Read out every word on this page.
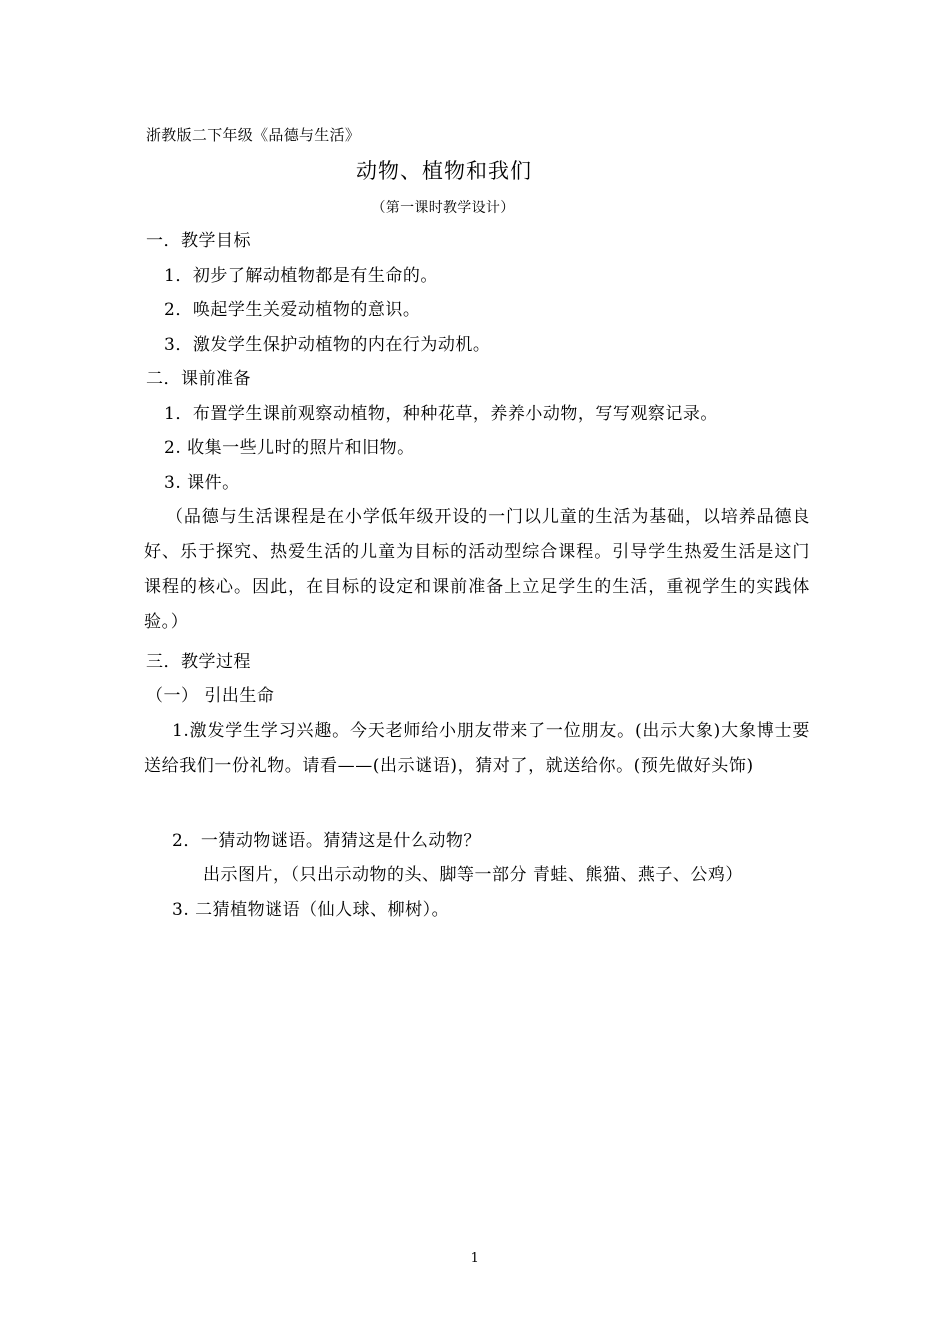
浙教版二下年级《品德与生活》
动物、植物和我们
（第一课时教学设计）
一．教学目标
1．初步了解动植物都是有生命的。
2．唤起学生关爱动植物的意识。
3．激发学生保护动植物的内在行为动机。
二．课前准备
1．布置学生课前观察动植物，种种花草，养养小动物，写写观察记录。
2. 收集一些儿时的照片和旧物。
3. 课件。
（品德与生活课程是在小学低年级开设的一门以儿童的生活为基础，以培养品德良好、乐于探究、热爱生活的儿童为目标的活动型综合课程。引导学生热爱生活是这门课程的核心。因此，在目标的设定和课前准备上立足学生的生活，重视学生的实践体验。）
三．教学过程
（一） 引出生命
1.激发学生学习兴趣。今天老师给小朋友带来了一位朋友。(出示大象)大象博士要送给我们一份礼物。请看——(出示谜语)，猜对了，就送给你。(预先做好头饰)
2．一猜动物谜语。猜猜这是什么动物？
出示图片，（只出示动物的头、脚等一部分 青蛙、熊猫、燕子、公鸡）
3. 二猜植物谜语（仙人球、柳树）。
1
